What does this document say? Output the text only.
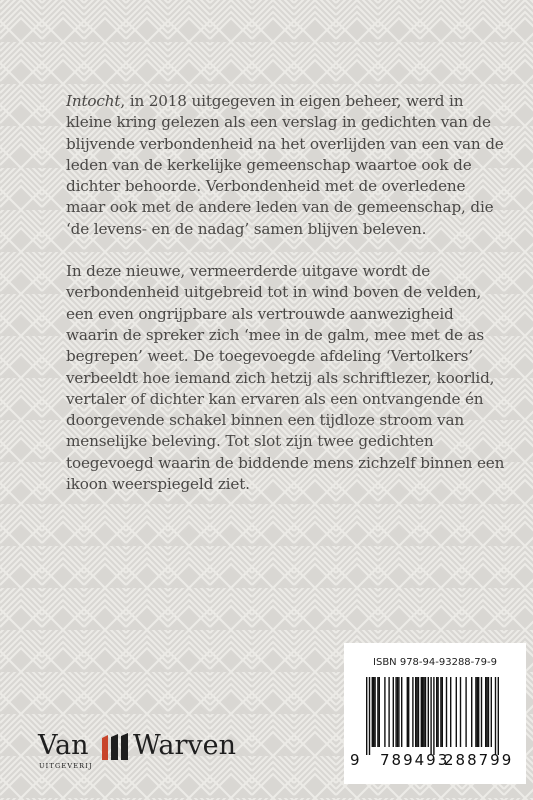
Intocht, in 2018 uitgegeven in eigen beheer, werd in kleine kring gelezen als een verslag in gedichten van de blijvende verbondenheid na het overlijden van een van de leden van de kerkelijke gemeenschap waartoe ook de dichter behoorde. Verbondenheid met de overledene maar ook met de andere leden van de gemeenschap, die ‘de levens- en de nadag’ samen blijven beleven.

In deze nieuwe, vermeerderde uitgave wordt de verbondenheid uitgebreid tot in wind boven de velden, een even ongrijpbare als vertrouwde aanwezigheid waarin de spreker zich ‘mee in de galm, mee met de as begrepen’ weet. De toegevoegde afdeling ‘Vertolkers’ verbeeldt hoe iemand zich hetzij als schriftlezer, koorlid, vertaler of dichter kan ervaren als een ontvangende én doorgevende schakel binnen een tijdloze stroom van menselijke beleving. Tot slot zijn twee gedichten toegevoegd waarin de biddende mens zichzelf binnen een ikoon weerspiegeld ziet.

ISBN 978-94-93288-79-9
9 789493
288799
Van Warven
UITGEVERIJ
